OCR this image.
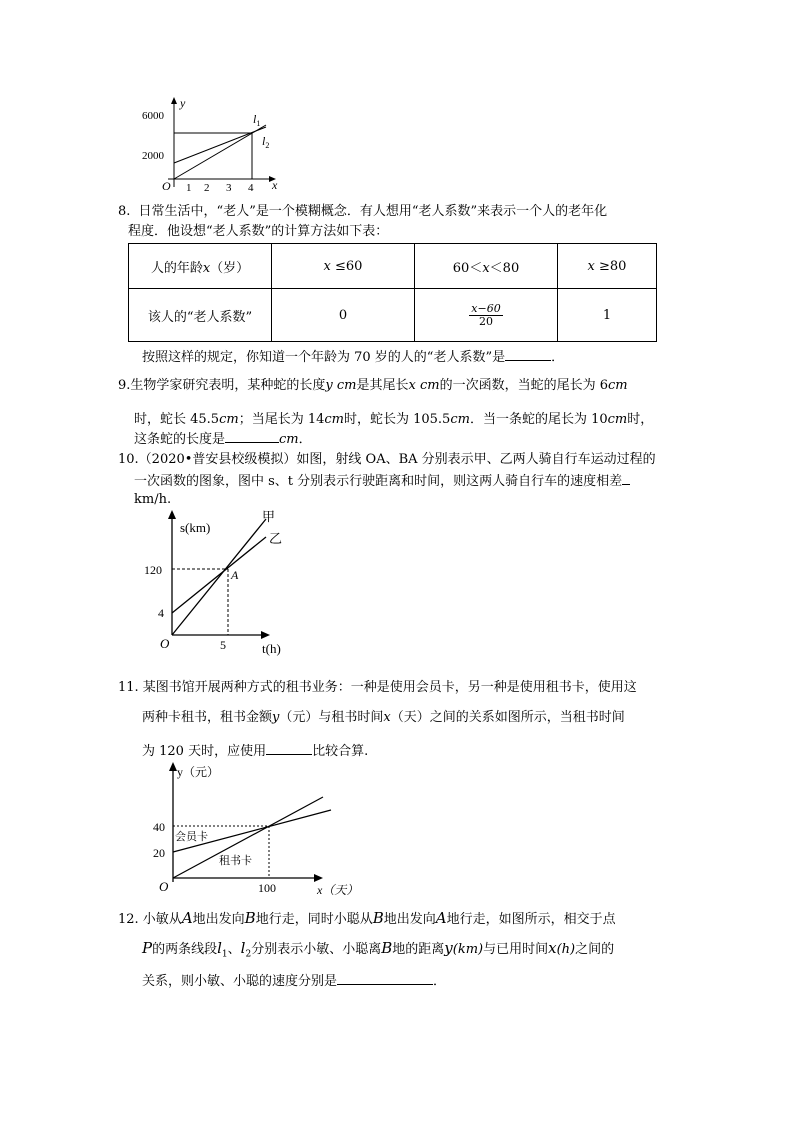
y
6000
2000
O 1 2 3 4 x
$l_1$
$l_2$
8. 日常生活中，“老人”是一个模糊概念．有人想用“老人系数”来表示一个人的老年化
程度．他设想“老人系数”的计算方法如下表：
人的年龄x（岁）	x ≤60	60＜x＜80	x ≥80
该人的“老人系数”	0	$\frac{x-60}{20}$	1
按照这样的规定，你知道一个年龄为 70 岁的人的“老人系数”是	．
9.生物学家研究表明，某种蛇的长度y cm是其尾长x cm的一次函数，当蛇的尾长为 6cm
时，蛇长 45.5cm；当尾长为 14cm时，蛇长为 105.5cm．当一条蛇的尾长为 10cm时，
这条蛇的长度是	cm．
10.（2020•普安县校级模拟）如图，射线 OA、BA 分别表示甲、乙两人骑自行车运动过程的
一次函数的图象，图中 s、t 分别表示行驶距离和时间，则这两人骑自行车的速度相差
km/h.
s(km)
甲
乙
120
4
A
O	5	t(h)
11. 某图书馆开展两种方式的租书业务：一种是使用会员卡，另一种是使用租书卡，使用这
两种卡租书，租书金额y（元）与租书时间x（天）之间的关系如图所示，当租书时间
为 120 天时，应使用	比较合算.
y（元）
40
20
会员卡
租书卡
O	100	x（天）
12. 小敏从A地出发向B地行走，同时小聪从B地出发向A地行走，如图所示，相交于点
P的两条线段$l_1$、$l_2$分别表示小敏、小聪离B地的距离y(km)与已用时间x(h)之间的
关系，则小敏、小聪的速度分别是	．
